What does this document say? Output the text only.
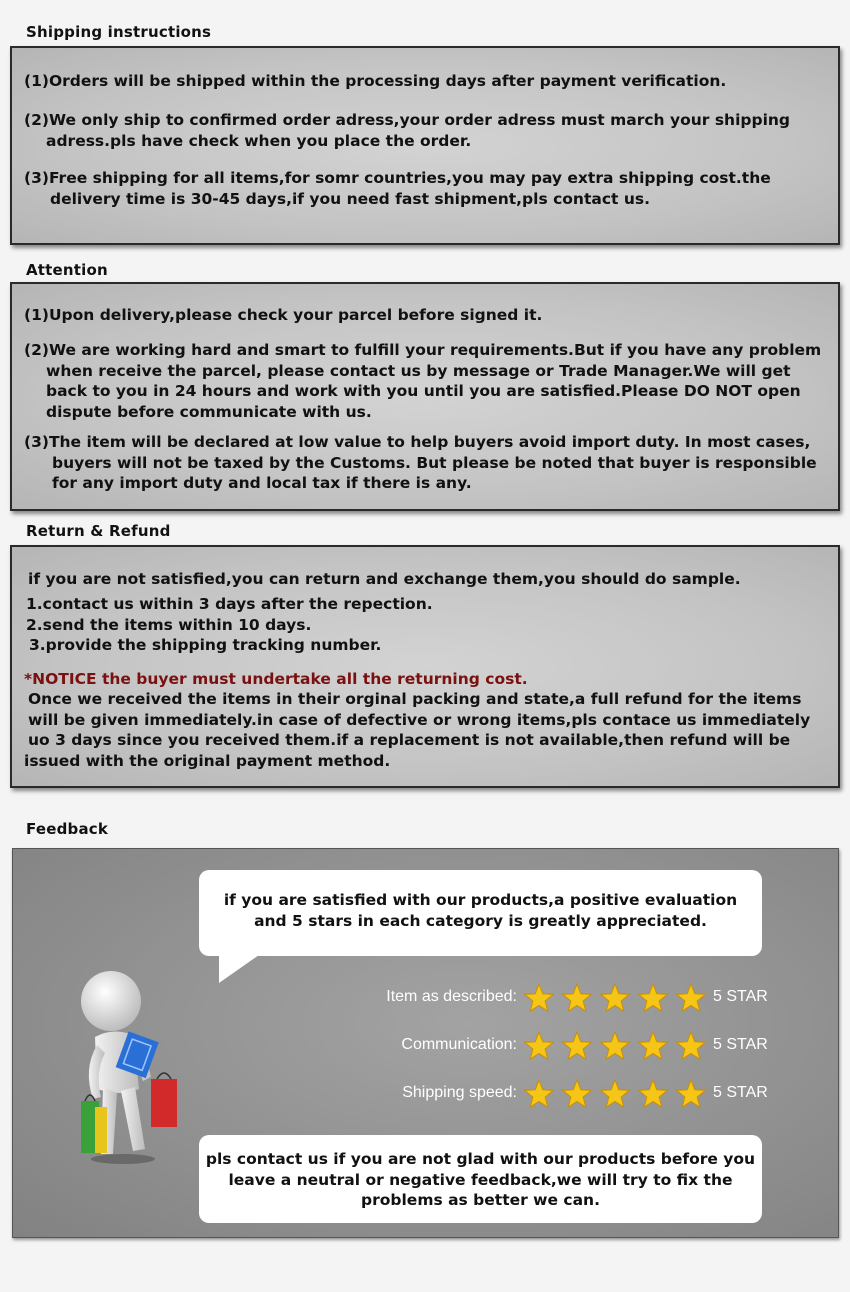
Shipping instructions
(1)Orders will be shipped within the processing days after payment verification.
(2)We only ship to confirmed order adress,your order adress must march your shipping
adress.pls have check when you place the order.
(3)Free shipping for all items,for somr countries,you may pay extra shipping cost.the
delivery time is 30-45 days,if you need fast shipment,pls contact us.
Attention
(1)Upon delivery,please check your parcel before signed it.
(2)We are working hard and smart to fulfill your requirements.But if you have any problem
when receive the parcel, please contact us by message or Trade Manager.We will get
back to you in 24 hours and work with you until you are satisfied.Please DO NOT open
dispute before communicate with us.
(3)The item will be declared at low value to help buyers avoid import duty. In most cases,
buyers will not be taxed by the Customs. But please be noted that buyer is responsible
for any import duty and local tax if there is any.
Return & Refund
if you are not satisfied,you can return and exchange them,you should do sample.
1.contact us within 3 days after the repection.
2.send the items within 10 days.
3.provide the shipping tracking number.
*NOTICE the buyer must undertake all the returning cost.
Once we received the items in their orginal packing and state,a full refund for the items
will be given immediately.in case of defective or wrong items,pls contace us immediately
uo 3 days since you received them.if a replacement is not available,then refund will be
issued with the original payment method.
Feedback
if you are satisfied with our products,a positive evaluation
and 5 stars in each category is greatly appreciated.
Item as described:	5 STAR
Communication:	5 STAR
Shipping speed:	5 STAR
pls contact us if you are not glad with our products before you
leave a neutral or negative feedback,we will try to fix the
problems as better we can.
